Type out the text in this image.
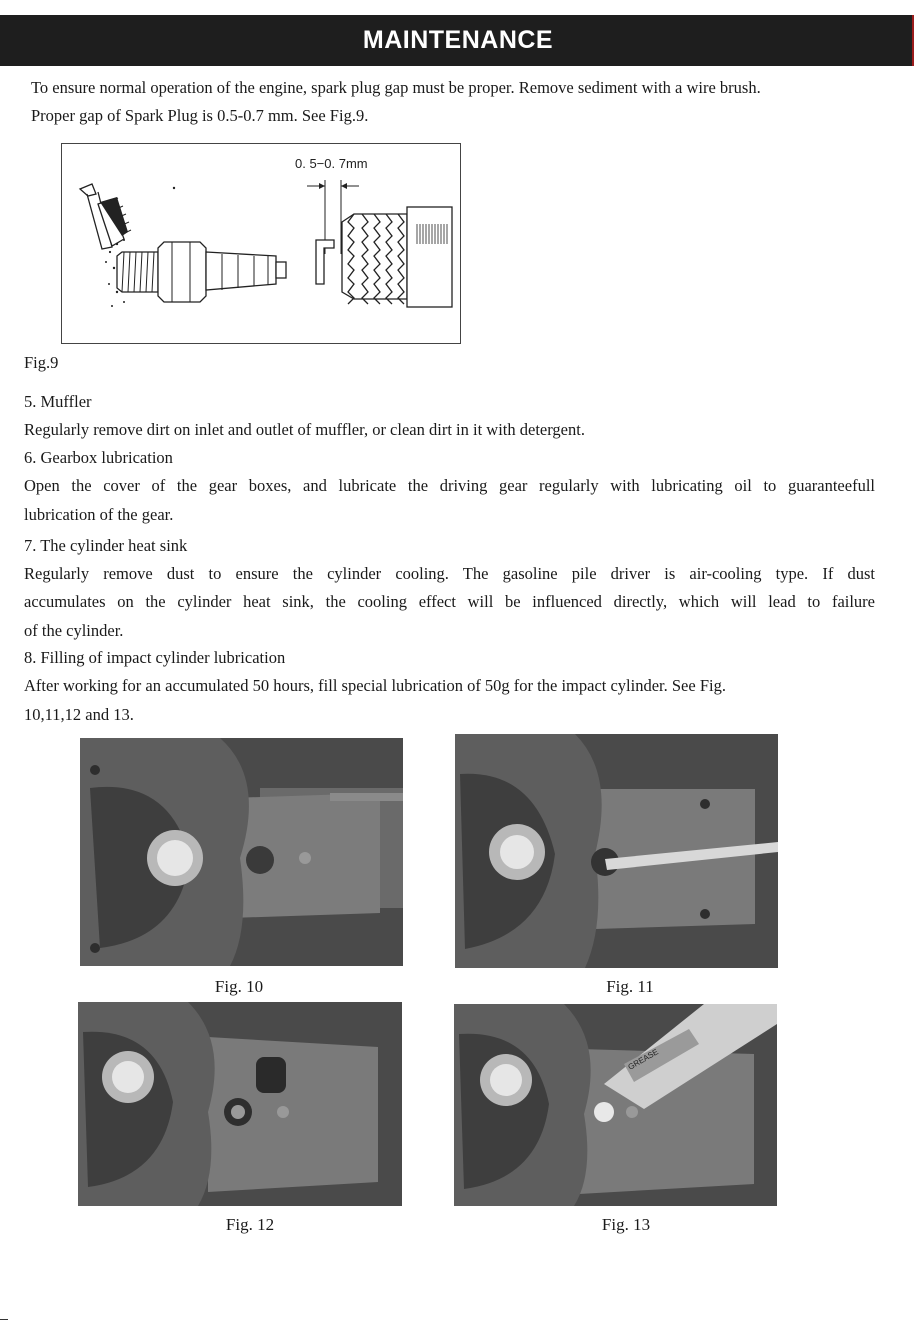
MAINTENANCE
To ensure normal operation of the engine, spark plug gap must be proper. Remove sediment with a wire brush.
Proper gap of Spark Plug is 0.5-0.7 mm. See Fig.9.
0. 5−0. 7mm
Fig.9
5. Muffler
Regularly remove dirt on inlet and outlet of muffler, or clean dirt in it with detergent.
6. Gearbox lubrication
Open the cover of the gear boxes, and lubricate the driving gear regularly with lubricating oil to guaranteefull
lubrication of the gear.
7. The cylinder heat sink
Regularly remove dust to ensure the cylinder cooling. The gasoline pile driver is air-cooling type. If dust
accumulates on the cylinder heat sink, the cooling effect will be influenced directly, which will lead to failure
of the cylinder.
8. Filling of impact cylinder lubrication
After working for an accumulated 50 hours, fill special lubrication of 50g for the impact cylinder. See Fig.
10,11,12 and 13.
Fig. 10	Fig. 11
Fig. 12
GREASE
Fig. 13
